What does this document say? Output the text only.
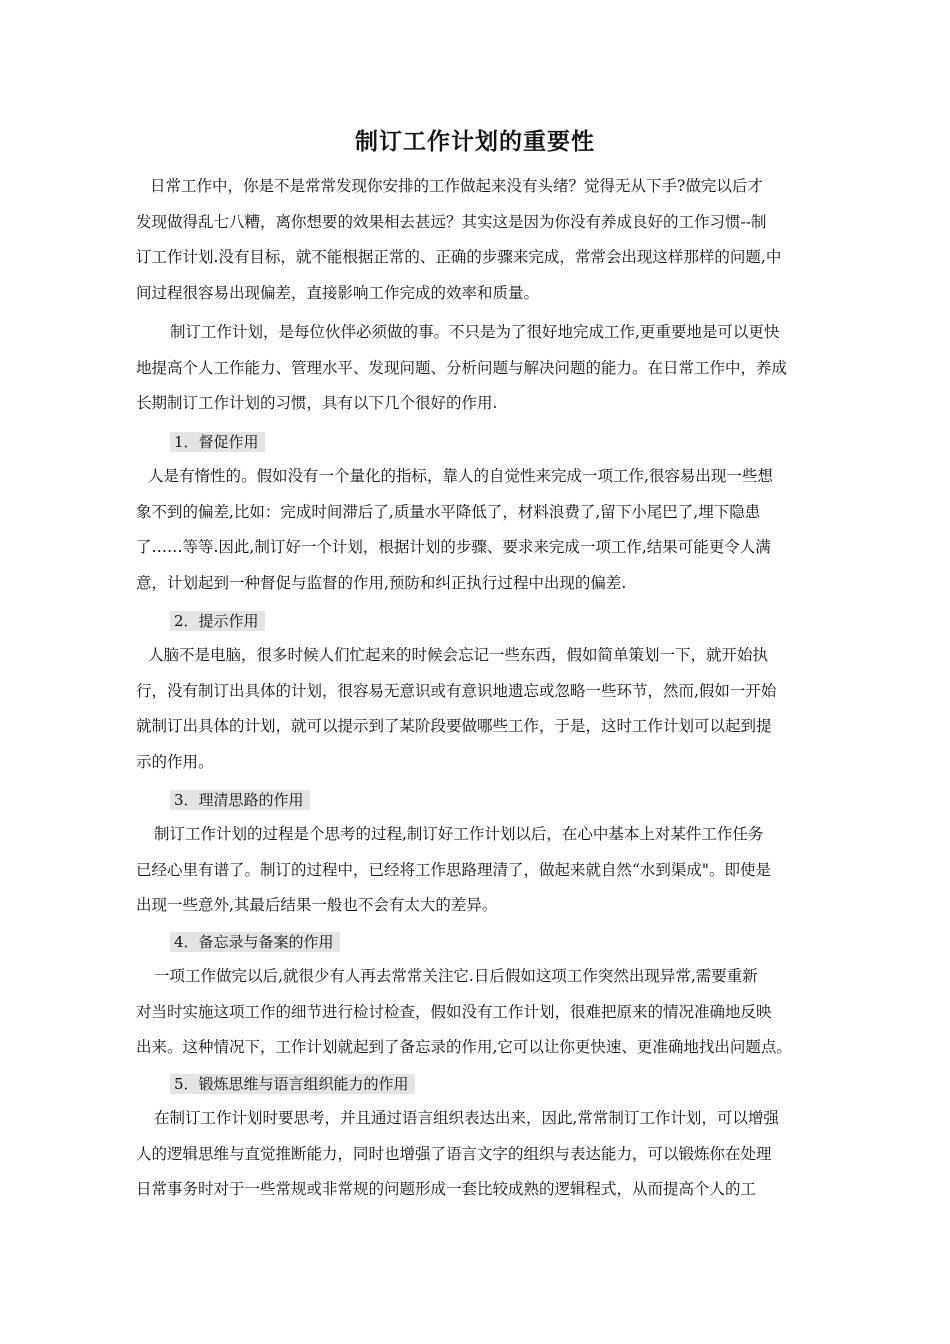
制订工作计划的重要性

日常工作中，你是不是常常发现你安排的工作做起来没有头绪？觉得无从下手?做完以后才
发现做得乱七八糟，离你想要的效果相去甚远？其实这是因为你没有养成良好的工作习惯--制
订工作计划.没有目标，就不能根据正常的、正确的步骤来完成，常常会出现这样那样的问题,中
间过程很容易出现偏差，直接影响工作完成的效率和质量。

制订工作计划，是每位伙伴必须做的事。不只是为了很好地完成工作,更重要地是可以更快
地提高个人工作能力、管理水平、发现问题、分析问题与解决问题的能力。在日常工作中，养成
长期制订工作计划的习惯，具有以下几个很好的作用.

1．督促作用

人是有惰性的。假如没有一个量化的指标，靠人的自觉性来完成一项工作,很容易出现一些想
象不到的偏差,比如：完成时间滞后了,质量水平降低了，材料浪费了,留下小尾巴了,埋下隐患
了……等等.因此,制订好一个计划，根据计划的步骤、要求来完成一项工作,结果可能更令人满
意，计划起到一种督促与监督的作用,预防和纠正执行过程中出现的偏差.

2．提示作用

人脑不是电脑，很多时候人们忙起来的时候会忘记一些东西，假如简单策划一下，就开始执
行，没有制订出具体的计划，很容易无意识或有意识地遗忘或忽略一些环节，然而,假如一开始
就制订出具体的计划，就可以提示到了某阶段要做哪些工作，于是，这时工作计划可以起到提
示的作用。

3．理清思路的作用

制订工作计划的过程是个思考的过程,制订好工作计划以后，在心中基本上对某件工作任务
已经心里有谱了。制订的过程中，已经将工作思路理清了，做起来就自然“水到渠成"。即使是
出现一些意外,其最后结果一般也不会有太大的差异。

4．备忘录与备案的作用

一项工作做完以后,就很少有人再去常常关注它.日后假如这项工作突然出现异常,需要重新
对当时实施这项工作的细节进行检讨检查，假如没有工作计划，很难把原来的情况准确地反映
出来。这种情况下，工作计划就起到了备忘录的作用,它可以让你更快速、更准确地找出问题点。

5．锻炼思维与语言组织能力的作用

在制订工作计划时要思考，并且通过语言组织表达出来，因此,常常制订工作计划，可以增强
人的逻辑思维与直觉推断能力，同时也增强了语言文字的组织与表达能力，可以锻炼你在处理
日常事务时对于一些常规或非常规的问题形成一套比较成熟的逻辑程式，从而提高个人的工
